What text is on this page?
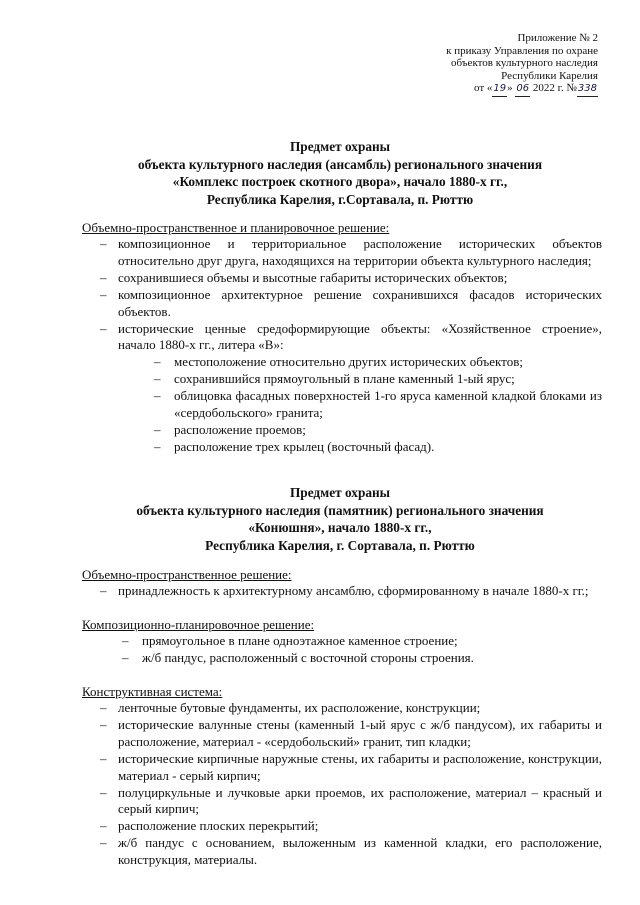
Приложение № 2
к приказу Управления по охране
объектов культурного наследия
Республики Карелия
от «19» 06 2022 г. №338
Предмет охраны
объекта культурного наследия (ансамбль) регионального значения
«Комплекс построек скотного двора», начало 1880-х гг.,
Республика Карелия, г.Сортавала, п. Рюттю
Объемно-пространственное и планировочное решение:
– композиционное и территориальное расположение исторических объектов относительно друг друга, находящихся на территории объекта культурного наследия;
– сохранившиеся объемы и высотные габариты исторических объектов;
– композиционное архитектурное решение сохранившихся фасадов исторических объектов.
– исторические ценные средоформирующие объекты: «Хозяйственное строение», начало 1880-х гг., литера «В»:
– местоположение относительно других исторических объектов;
– сохранившийся прямоугольный в плане каменный 1-ый ярус;
– облицовка фасадных поверхностей 1-го яруса каменной кладкой блоками из «сердобольского» гранита;
– расположение проемов;
– расположение трех крылец (восточный фасад).
Предмет охраны
объекта культурного наследия (памятник) регионального значения
«Конюшня», начало 1880-х гг.,
Республика Карелия, г. Сортавала, п. Рюттю
Объемно-пространственное решение:
– принадлежность к архитектурному ансамблю, сформированному в начале 1880-х гг.;
Композиционно-планировочное решение:
– прямоугольное в плане одноэтажное каменное строение;
– ж/б пандус, расположенный с восточной стороны строения.
Конструктивная система:
– ленточные бутовые фундаменты, их расположение, конструкции;
– исторические валунные стены (каменный 1-ый ярус с ж/б пандусом), их габариты и расположение, материал - «сердобольский» гранит, тип кладки;
– исторические кирпичные наружные стены, их габариты и расположение, конструкции, материал - серый кирпич;
– полуциркульные и лучковые арки проемов, их расположение, материал – красный и серый кирпич;
– расположение плоских перекрытий;
– ж/б пандус с основанием, выложенным из каменной кладки, его расположение, конструкция, материалы.
